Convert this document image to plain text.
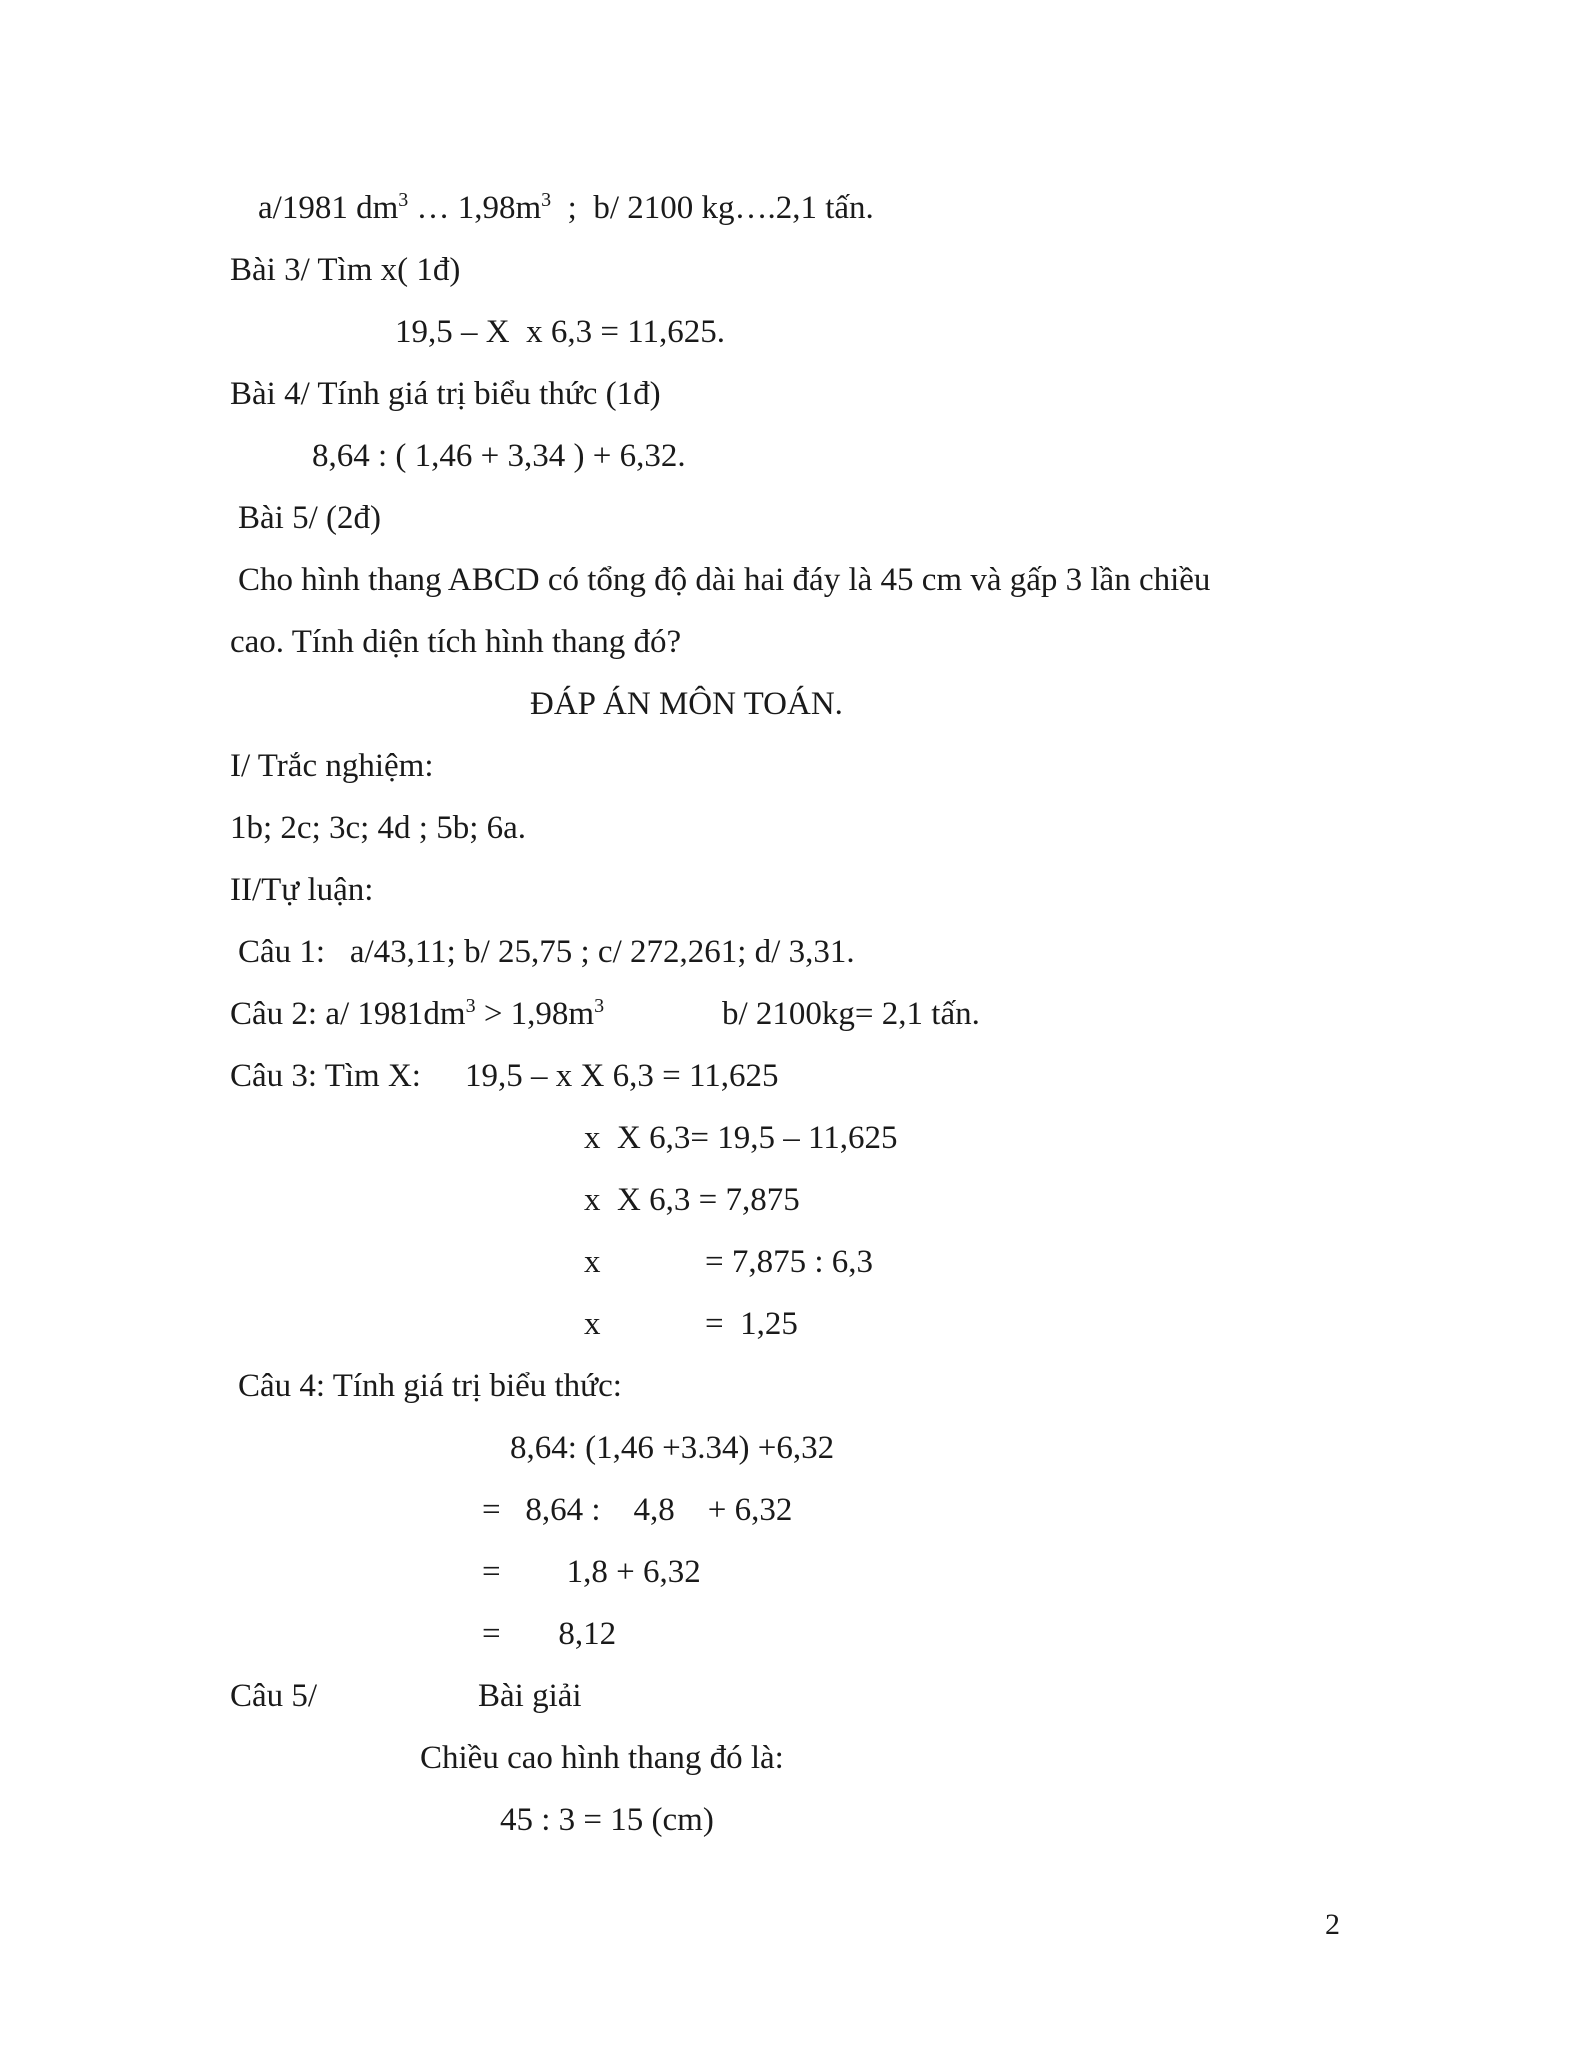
a/1981 $dm^3$ … $1,98m^3$  ;  b/ 2100 kg….2,1 tấn.
Bài 3/ Tìm x( 1đ)
19,5 – X  x 6,3 = 11,625.
Bài 4/ Tính giá trị biểu thức (1đ)
8,64 : ( 1,46 + 3,34 ) + 6,32.
Bài 5/ (2đ)
Cho hình thang ABCD có tổng độ dài hai đáy là 45 cm và gấp 3 lần chiều
cao. Tính diện tích hình thang đó?
ĐÁP ÁN MÔN TOÁN.
I/ Trắc nghiệm:
1b; 2c; 3c; 4d ; 5b; 6a.
II/Tự luận:
Câu 1:   a/43,11; b/ 25,75 ; c/ 272,261; d/ 3,31.
Câu 2: a/ $1981dm^3 > 1,98m^3$	b/ 2100kg= 2,1 tấn.
Câu 3: Tìm X: 19,5 – x X 6,3 = 11,625
x  X 6,3= 19,5 – 11,625
x  X 6,3 = 7,875
x	= 7,875 : 6,3
x	=  1,25
Câu 4: Tính giá trị biểu thức:
8,64: (1,46 +3.34) +6,32
=   8,64 :    4,8    + 6,32
=        1,8 + 6,32
=       8,12
Câu 5/	Bài giải
Chiều cao hình thang đó là:
45 : 3 = 15 (cm)
2
